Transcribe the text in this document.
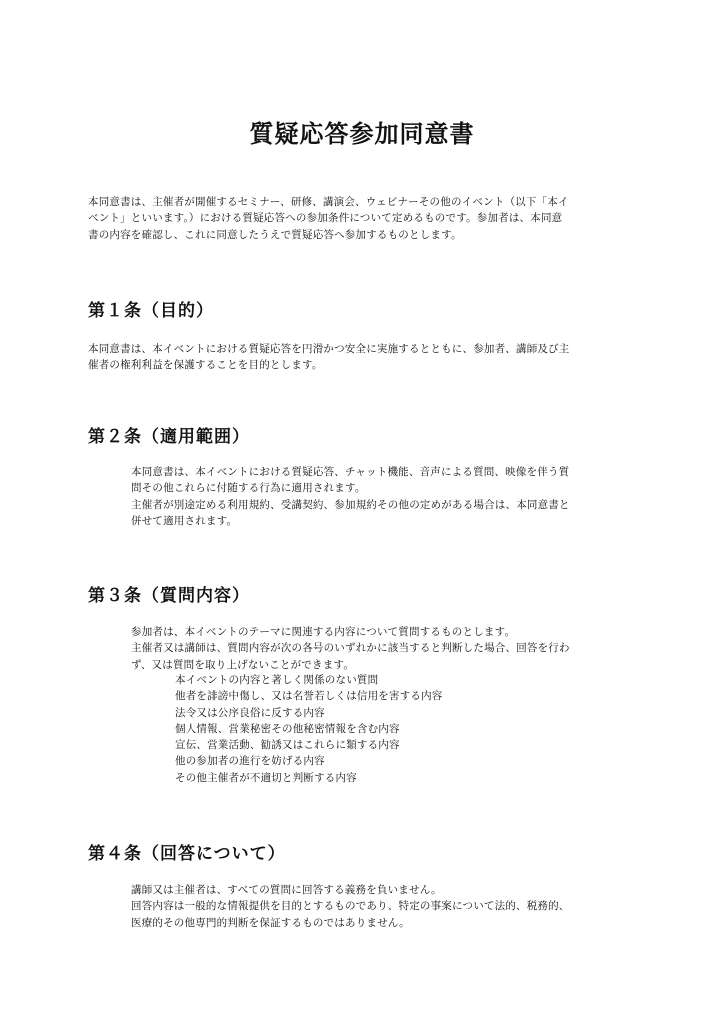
質疑応答参加同意書
本同意書は、主催者が開催するセミナー、研修、講演会、ウェビナーその他のイベント（以下「本イ
ベント」といいます。）における質疑応答への参加条件について定めるものです。参加者は、本同意
書の内容を確認し、これに同意したうえで質疑応答へ参加するものとします。
第１条（目的）
本同意書は、本イベントにおける質疑応答を円滑かつ安全に実施するとともに、参加者、講師及び主
催者の権利利益を保護することを目的とします。
第２条（適用範囲）
本同意書は、本イベントにおける質疑応答、チャット機能、音声による質問、映像を伴う質
問その他これらに付随する行為に適用されます。
主催者が別途定める利用規約、受講契約、参加規約その他の定めがある場合は、本同意書と
併せて適用されます。
第３条（質問内容）
参加者は、本イベントのテーマに関連する内容について質問するものとします。
主催者又は講師は、質問内容が次の各号のいずれかに該当すると判断した場合、回答を行わ
ず、又は質問を取り上げないことができます。
本イベントの内容と著しく関係のない質問
他者を誹謗中傷し、又は名誉若しくは信用を害する内容
法令又は公序良俗に反する内容
個人情報、営業秘密その他秘密情報を含む内容
宣伝、営業活動、勧誘又はこれらに類する内容
他の参加者の進行を妨げる内容
その他主催者が不適切と判断する内容
第４条（回答について）
講師又は主催者は、すべての質問に回答する義務を負いません。
回答内容は一般的な情報提供を目的とするものであり、特定の事案について法的、税務的、
医療的その他専門的判断を保証するものではありません。
